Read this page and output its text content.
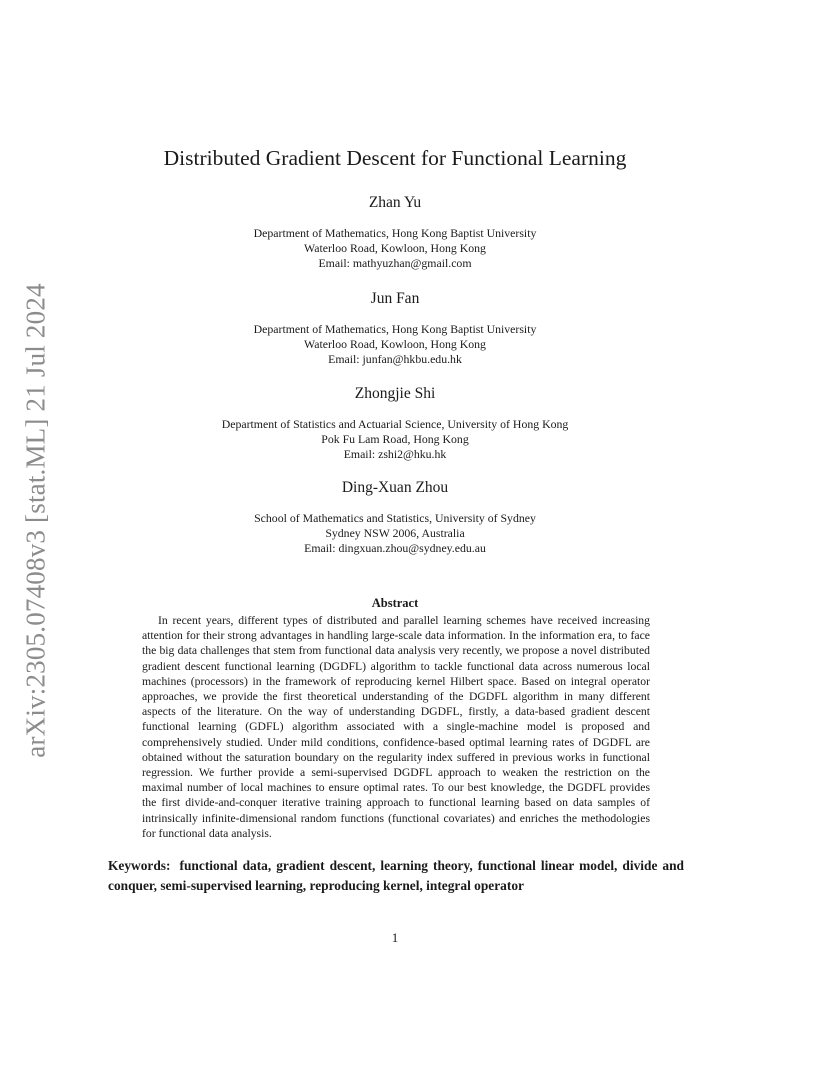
arXiv:2305.07408v3 [stat.ML] 21 Jul 2024
Distributed Gradient Descent for Functional Learning
Zhan Yu
Department of Mathematics, Hong Kong Baptist University
Waterloo Road, Kowloon, Hong Kong
Email: mathyuzhan@gmail.com
Jun Fan
Department of Mathematics, Hong Kong Baptist University
Waterloo Road, Kowloon, Hong Kong
Email: junfan@hkbu.edu.hk
Zhongjie Shi
Department of Statistics and Actuarial Science, University of Hong Kong
Pok Fu Lam Road, Hong Kong
Email: zshi2@hku.hk
Ding-Xuan Zhou
School of Mathematics and Statistics, University of Sydney
Sydney NSW 2006, Australia
Email: dingxuan.zhou@sydney.edu.au
Abstract
In recent years, different types of distributed and parallel learning schemes have received increasing attention for their strong advantages in handling large-scale data information. In the information era, to face the big data challenges that stem from functional data analysis very recently, we propose a novel distributed gradient descent functional learning (DGDFL) algorithm to tackle functional data across numerous local machines (processors) in the framework of reproducing kernel Hilbert space. Based on integral operator approaches, we provide the first theoretical understanding of the DGDFL algorithm in many different aspects of the literature. On the way of understanding DGDFL, firstly, a data-based gradient descent functional learning (GDFL) algorithm associated with a single-machine model is proposed and comprehensively studied. Under mild conditions, confidence-based optimal learning rates of DGDFL are obtained without the saturation boundary on the regularity index suffered in previous works in functional regression. We further provide a semi-supervised DGDFL approach to weaken the restriction on the maximal number of local machines to ensure optimal rates. To our best knowledge, the DGDFL provides the first divide-and-conquer iterative training approach to functional learning based on data samples of intrinsically infinite-dimensional random functions (functional covariates) and enriches the methodologies for functional data analysis.
Keywords: functional data, gradient descent, learning theory, functional linear model, divide and conquer, semi-supervised learning, reproducing kernel, integral operator
1
